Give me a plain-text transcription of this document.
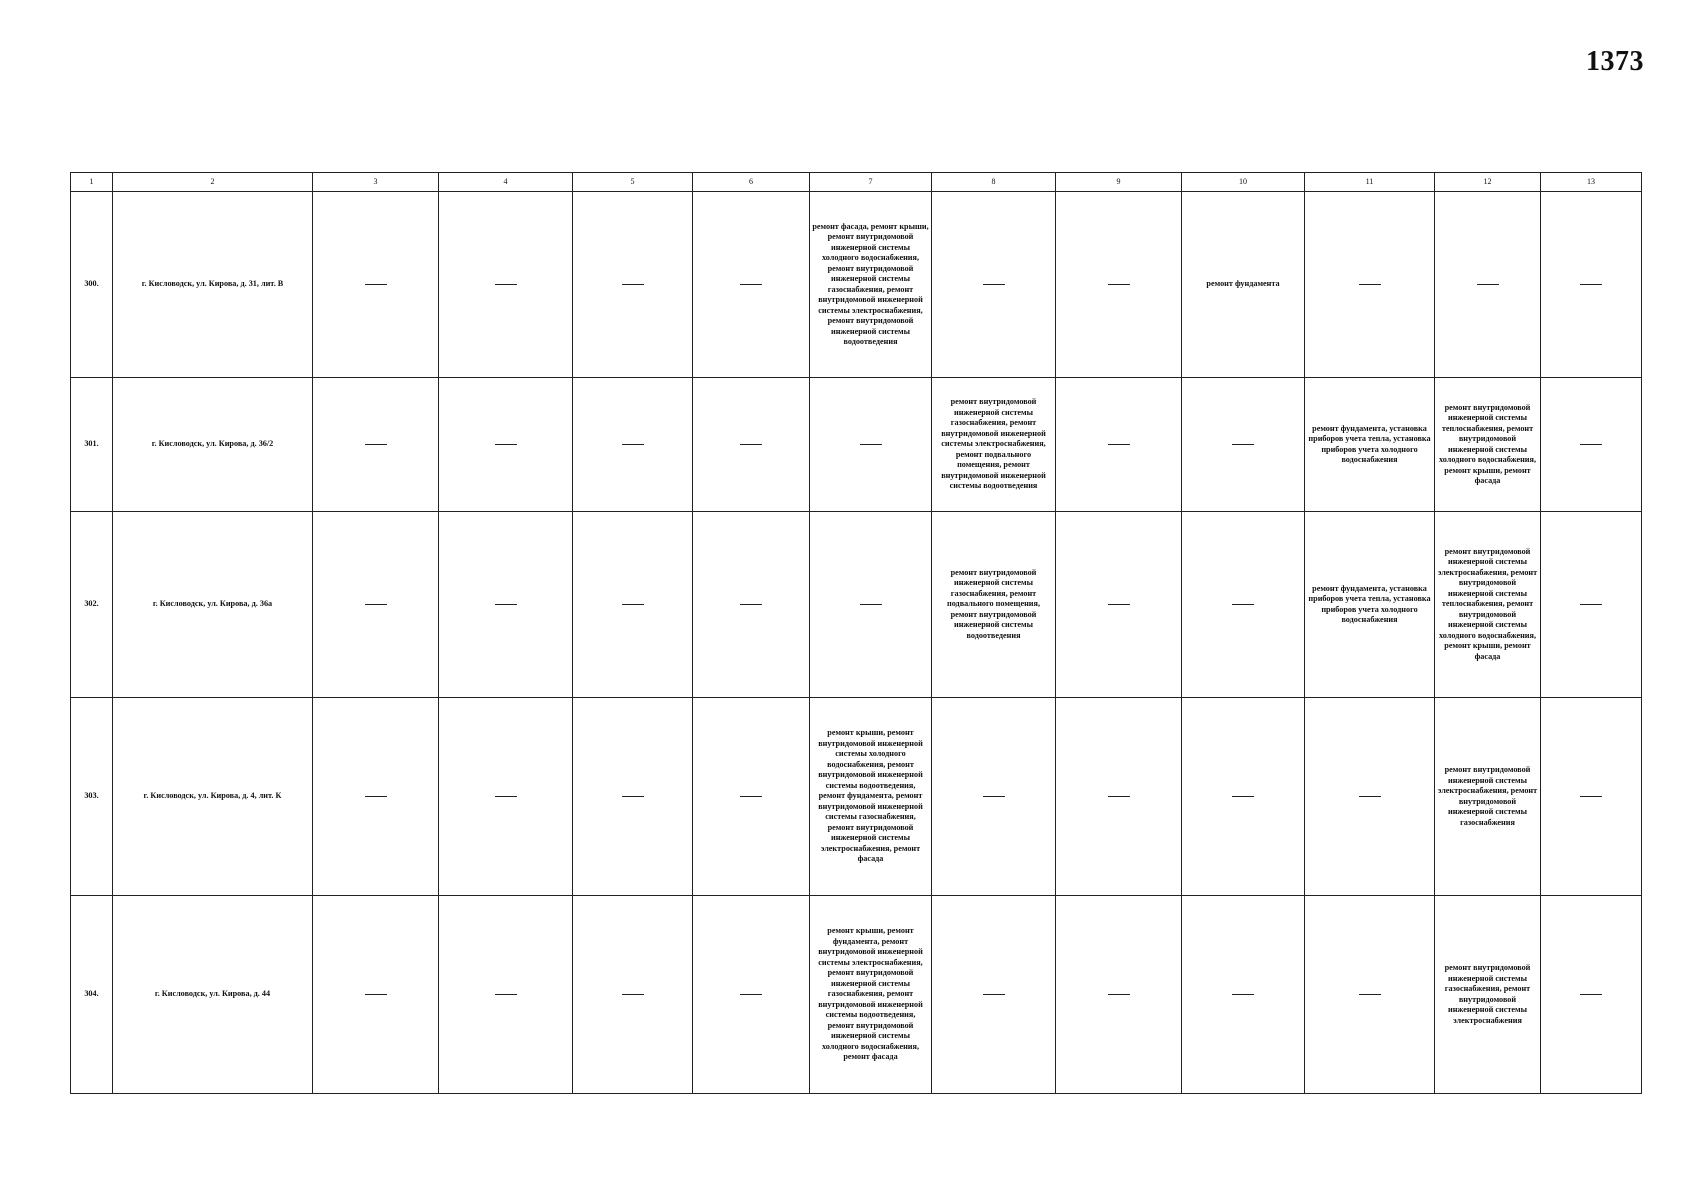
1373
1	2	3	4	5	6	7	8	9	10	11	12	13
300.	г. Кисловодск, ул. Кирова, д. 31, лит. В					ремонт фасада, ремонт крыши, ремонт внутридомовой инженерной системы холодного водоснабжения, ремонт внутридомовой инженерной системы газоснабжения, ремонт внутридомовой инженерной системы электроснабжения, ремонт внутридомовой инженерной системы водоотведения			ремонт фундамента			
301.	г. Кисловодск, ул. Кирова, д. 36/2						ремонт внутридомовой инженерной системы газоснабжения, ремонт внутридомовой инженерной системы электроснабжения, ремонт подвального помещения, ремонт внутридомовой инженерной системы водоотведения			ремонт фундамента, установка приборов учета тепла, установка приборов учета холодного водоснабжения	ремонт внутридомовой инженерной системы теплоснабжения, ремонт внутридомовой инженерной системы холодного водоснабжения, ремонт крыши, ремонт фасада	
302.	г. Кисловодск, ул. Кирова, д. 36а						ремонт внутридомовой инженерной системы газоснабжения, ремонт подвального помещения, ремонт внутридомовой инженерной системы водоотведения			ремонт фундамента, установка приборов учета тепла, установка приборов учета холодного водоснабжения	ремонт внутридомовой инженерной системы электроснабжения, ремонт внутридомовой инженерной системы теплоснабжения, ремонт внутридомовой инженерной системы холодного водоснабжения, ремонт крыши, ремонт фасада	
303.	г. Кисловодск, ул. Кирова, д. 4, лит. К					ремонт крыши, ремонт внутридомовой инженерной системы холодного водоснабжения, ремонт внутридомовой инженерной системы водоотведения, ремонт фундамента, ремонт внутридомовой инженерной системы газоснабжения, ремонт внутридомовой инженерной системы электроснабжения, ремонт фасада					ремонт внутридомовой инженерной системы электроснабжения, ремонт внутридомовой инженерной системы газоснабжения	
304.	г. Кисловодск, ул. Кирова, д. 44					ремонт крыши, ремонт фундамента, ремонт внутридомовой инженерной системы электроснабжения, ремонт внутридомовой инженерной системы газоснабжения, ремонт внутридомовой инженерной системы водоотведения, ремонт внутридомовой инженерной системы холодного водоснабжения, ремонт фасада					ремонт внутридомовой инженерной системы газоснабжения, ремонт внутридомовой инженерной системы электроснабжения	
